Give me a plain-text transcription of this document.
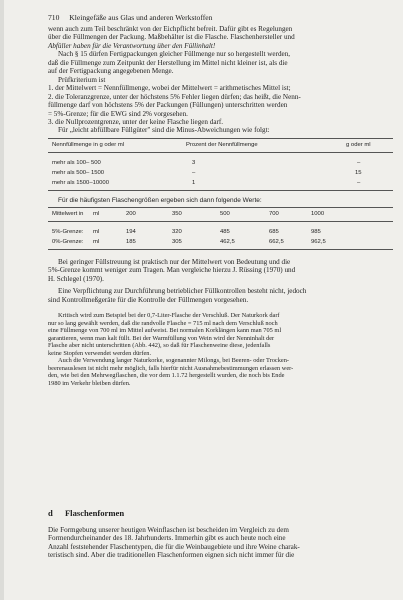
710 Kleingefäße aus Glas und anderen Werkstoffen
wenn auch zum Teil beschränkt von der Eichpflicht befreit. Dafür gibt es Regelungen
über die Füllmengen der Packung. Maßbehälter ist die Flasche. Flaschenhersteller und
Abfüller haben für die Verantwortung über den Füllinhalt!
Nach § 15 dürfen Fertigpackungen gleicher Füllmenge nur so hergestellt werden,
daß die Füllmenge zum Zeitpunkt der Herstellung im Mittel nicht kleiner ist, als die
auf der Fertigpackung angegebenen Menge.
Prüfkriterium ist
1. der Mittelwert = Nennfüllmenge, wobei der Mittelwert = arithmetisches Mittel ist;
2. die Toleranzgrenze, unter der höchstens 5% Fehler liegen dürfen; das heißt, die Nenn-
füllmenge darf von höchstens 5% der Packungen (Füllungen) unterschritten werden
= 5%-Grenze; für die EWG sind 2% vorgesehen.
3. die Nullprozentgrenze, unter der keine Flasche liegen darf.
Für „leicht abfüllbare Füllgüter" sind die Minus-Abweichungen wie folgt:
Nennfüllmenge in g oder ml	Prozent der Nennfüllmenge	g oder ml
mehr als 100– 500	3	–
mehr als 500– 1500	–	15
mehr als 1500–10000	1	–
Für die häufigsten Flaschengrößen ergeben sich dann folgende Werte:
Mittelwert in ml	200	350	500	700	1000
5%-Grenze: ml	194	320	485	685	985
0%-Grenze: ml	185	305	462,5	662,5	962,5
Bei geringer Füllstreuung ist praktisch nur der Mittelwert von Bedeutung und die
5%-Grenze kommt weniger zum Tragen. Man vergleiche hierzu J. Rüssing (1970) und
H. Schlegel (1970).
Eine Verpflichtung zur Durchführung betrieblicher Füllkontrollen besteht nicht, jedoch
sind Kontrollmeßgeräte für die Kontrolle der Füllmengen vorgesehen.
Kritisch wird zum Beispiel bei der 0,7-Liter-Flasche der Verschluß. Der Naturkork darf
nur so lang gewählt werden, daß die randvolle Flasche = 715 ml nach dem Verschluß noch
eine Füllmenge von 700 ml im Mittel aufweist. Bei normalen Korklängen kann man 705 ml
garantieren, wenn man kalt füllt. Bei der Warmfüllung von Wein wird der Nenninhalt der
Flasche aber nicht unterschritten (Abb. 442), so daß für Flaschenweine diese, jedenfalls
keine Stopfen verwendet werden dürfen.
Auch die Verwendung langer Naturkorke, sogenannter Milongs, bei Beeren- oder Trocken-
beerenauslesen ist nicht mehr möglich, falls hierfür nicht Ausnahmebestimmungen erlassen wer-
den, wie bei den Mehrwegflaschen, die vor dem 1.1.72 hergestellt wurden, die noch bis Ende
1980 im Verkehr bleiben dürfen.
d Flaschenformen
Die Formgebung unserer heutigen Weinflaschen ist bescheiden im Vergleich zu dem
Formendurcheinander des 18. Jahrhunderts. Immerhin gibt es auch heute noch eine
Anzahl feststehender Flaschentypen, die für die Weinbaugebiete und ihre Weine charak-
teristisch sind. Aber die traditionellen Flaschenformen eignen sich nicht immer für die
